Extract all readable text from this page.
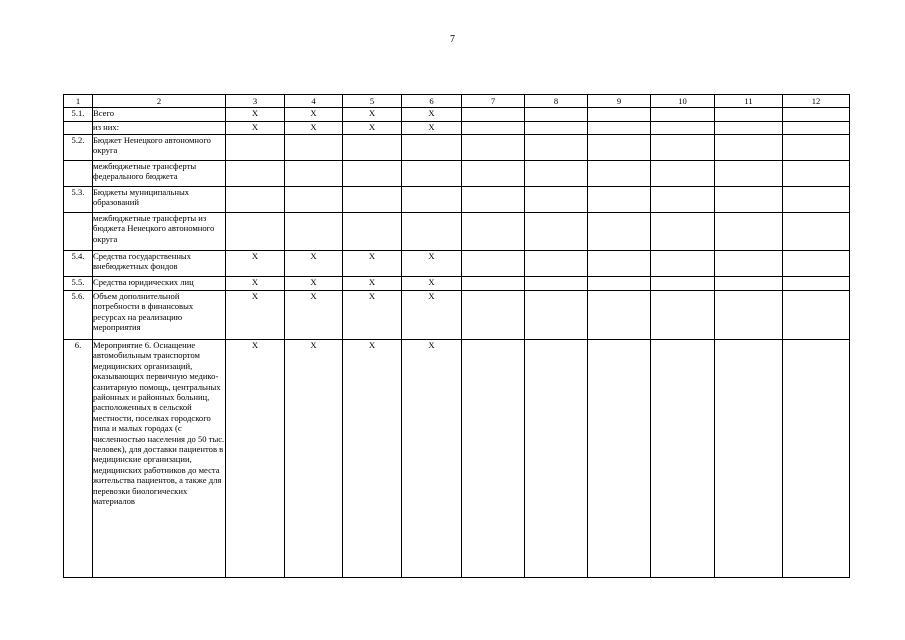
7
1	2	3	4	5	6	7	8	9	10	11	12
5.1.	Всего	X	X	X	X						
	из них:	X	X	X	X						
5.2.	Бюджет Ненецкого автономного округа										
	межбюджетные трансферты федерального бюджета										
5.3.	Бюджеты муниципальных образований										
	межбюджетные трансферты из бюджета Ненецкого автономного округа										
5.4.	Средства государственных внебюджетных фондов	X	X	X	X						
5.5.	Средства юридических лиц	X	X	X	X						
5.6.	Объем дополнительной потребности в финансовых ресурсах на реализацию мероприятия	X	X	X	X						
6.	Мероприятие 6. Оснащение автомобильным транспортом медицинских организаций, оказывающих первичную медико-санитарную помощь, центральных районных и районных больниц, расположенных в сельской местности, поселках городского типа и малых городах (с численностью населения до 50 тыс. человек), для доставки пациентов в медицинские организации, медицинских работников до места жительства пациентов, а также для перевозки биологических материалов	X	X	X	X						
